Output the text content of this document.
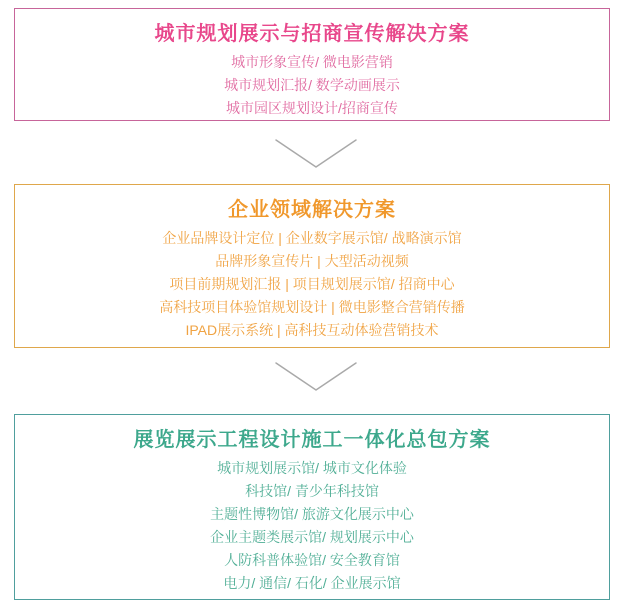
城市规划展示与招商宣传解决方案
城市形象宣传/ 微电影营销
城市规划汇报/ 数学动画展示
城市园区规划设计/招商宣传
企业领域解决方案
企业品牌设计定位 | 企业数字展示馆/ 战略演示馆
品牌形象宣传片 | 大型活动视频
项目前期规划汇报 | 项目规划展示馆/ 招商中心
高科技项目体验馆规划设计 | 微电影整合营销传播
IPAD展示系统 | 高科技互动体验营销技术
展览展示工程设计施工一体化总包方案
城市规划展示馆/ 城市文化体验
科技馆/ 青少年科技馆
主题性博物馆/ 旅游文化展示中心
企业主题类展示馆/ 规划展示中心
人防科普体验馆/ 安全教育馆
电力/ 通信/ 石化/ 企业展示馆
